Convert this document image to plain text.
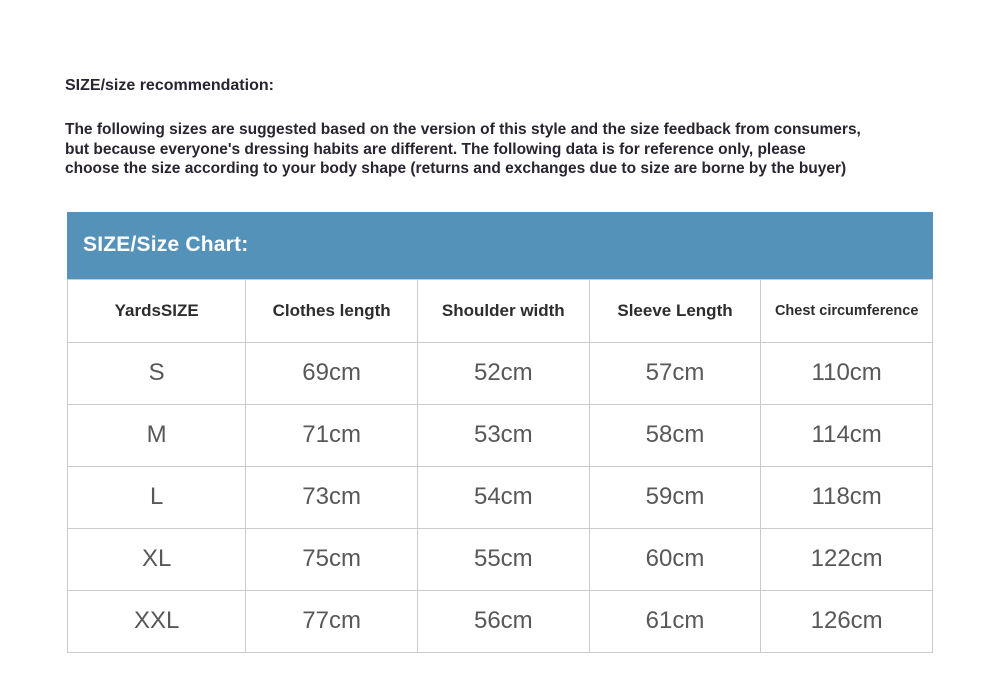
SIZE/size recommendation:

The following sizes are suggested based on the version of this style and the size feedback from consumers,
but because everyone's dressing habits are different. The following data is for reference only, please
choose the size according to your body shape (returns and exchanges due to size are borne by the buyer)

SIZE/Size Chart:
YardsSIZE	Clothes length	Shoulder width	Sleeve Length	Chest circumference
S	69cm	52cm	57cm	110cm
M	71cm	53cm	58cm	114cm
L	73cm	54cm	59cm	118cm
XL	75cm	55cm	60cm	122cm
XXL	77cm	56cm	61cm	126cm
